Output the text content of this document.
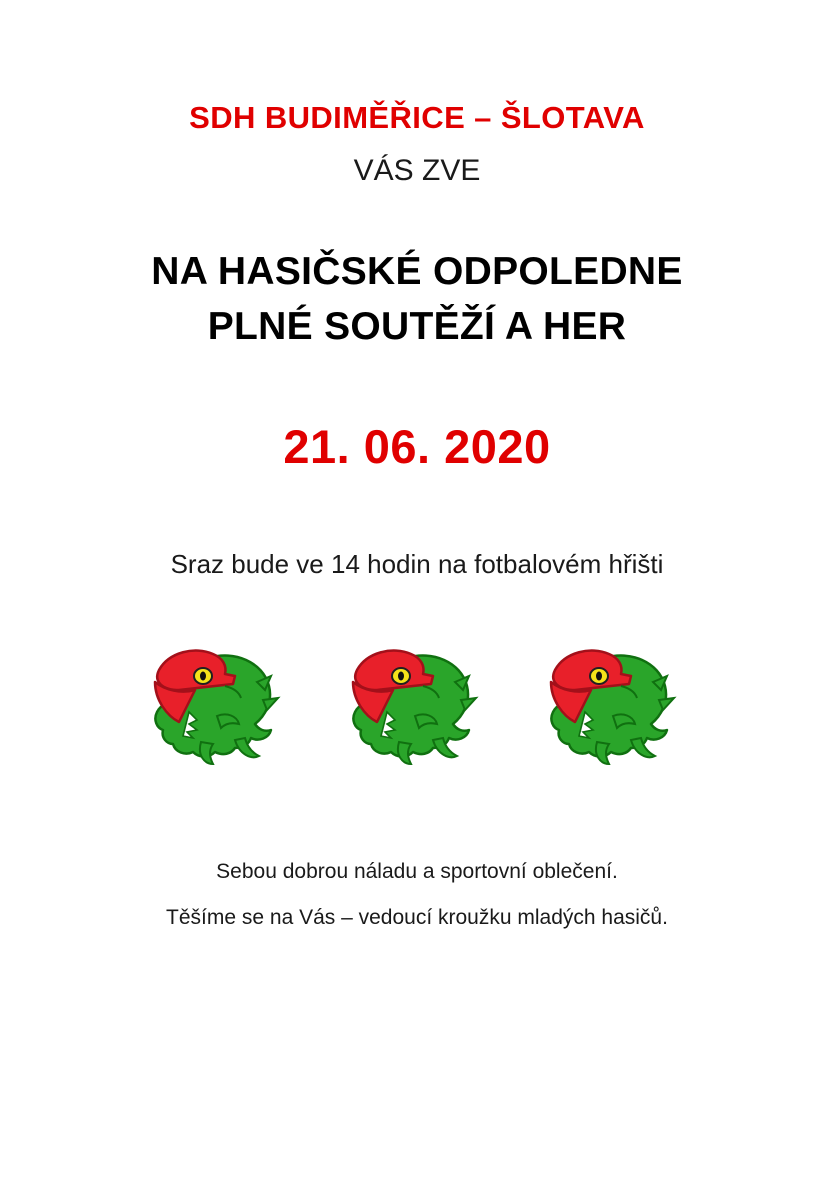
SDH BUDIMĚŘICE – ŠLOTAVA
VÁS ZVE
NA HASIČSKÉ ODPOLEDNE
PLNÉ SOUTĚŽÍ A HER
21. 06. 2020
Sraz bude ve 14 hodin na fotbalovém hřišti
Sebou dobrou náladu a sportovní oblečení.
Těšíme se na Vás – vedoucí kroužku mladých hasičů.
